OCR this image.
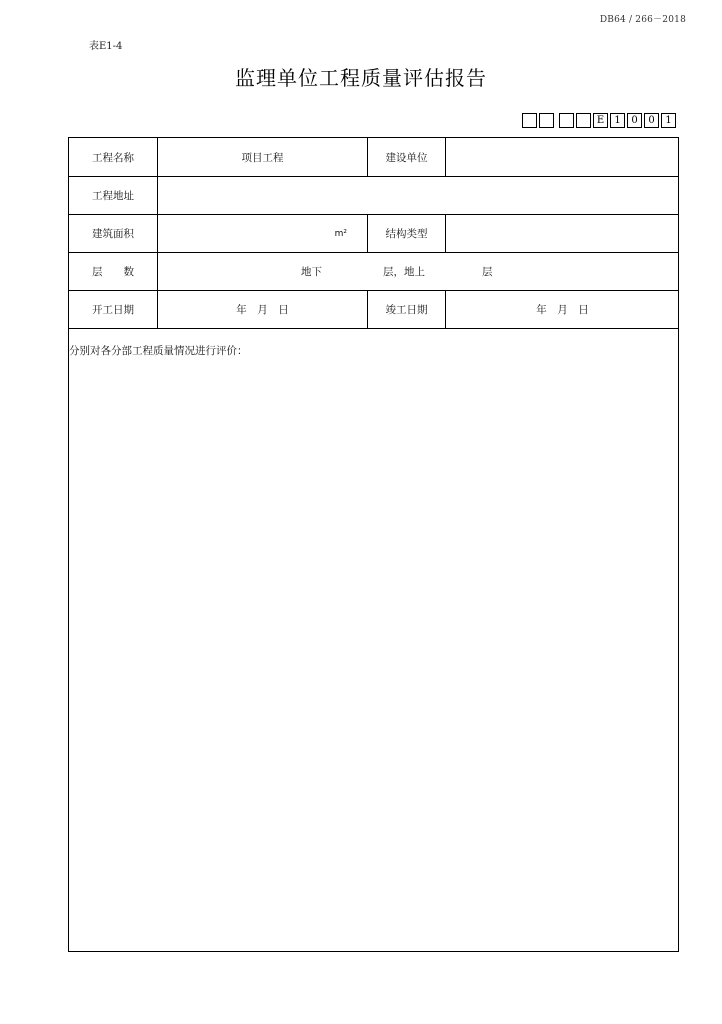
DB64 / 266－2018
表E1-4
监理单位工程质量评估报告
E	1	0	0	1
工程名称	项目工程	建设单位
工程地址
建筑面积	m²	结构类型
层　　数	地下	层，地上	层
开工日期	年　月　日	竣工日期	年　月　日
分别对各分部工程质量情况进行评价：
